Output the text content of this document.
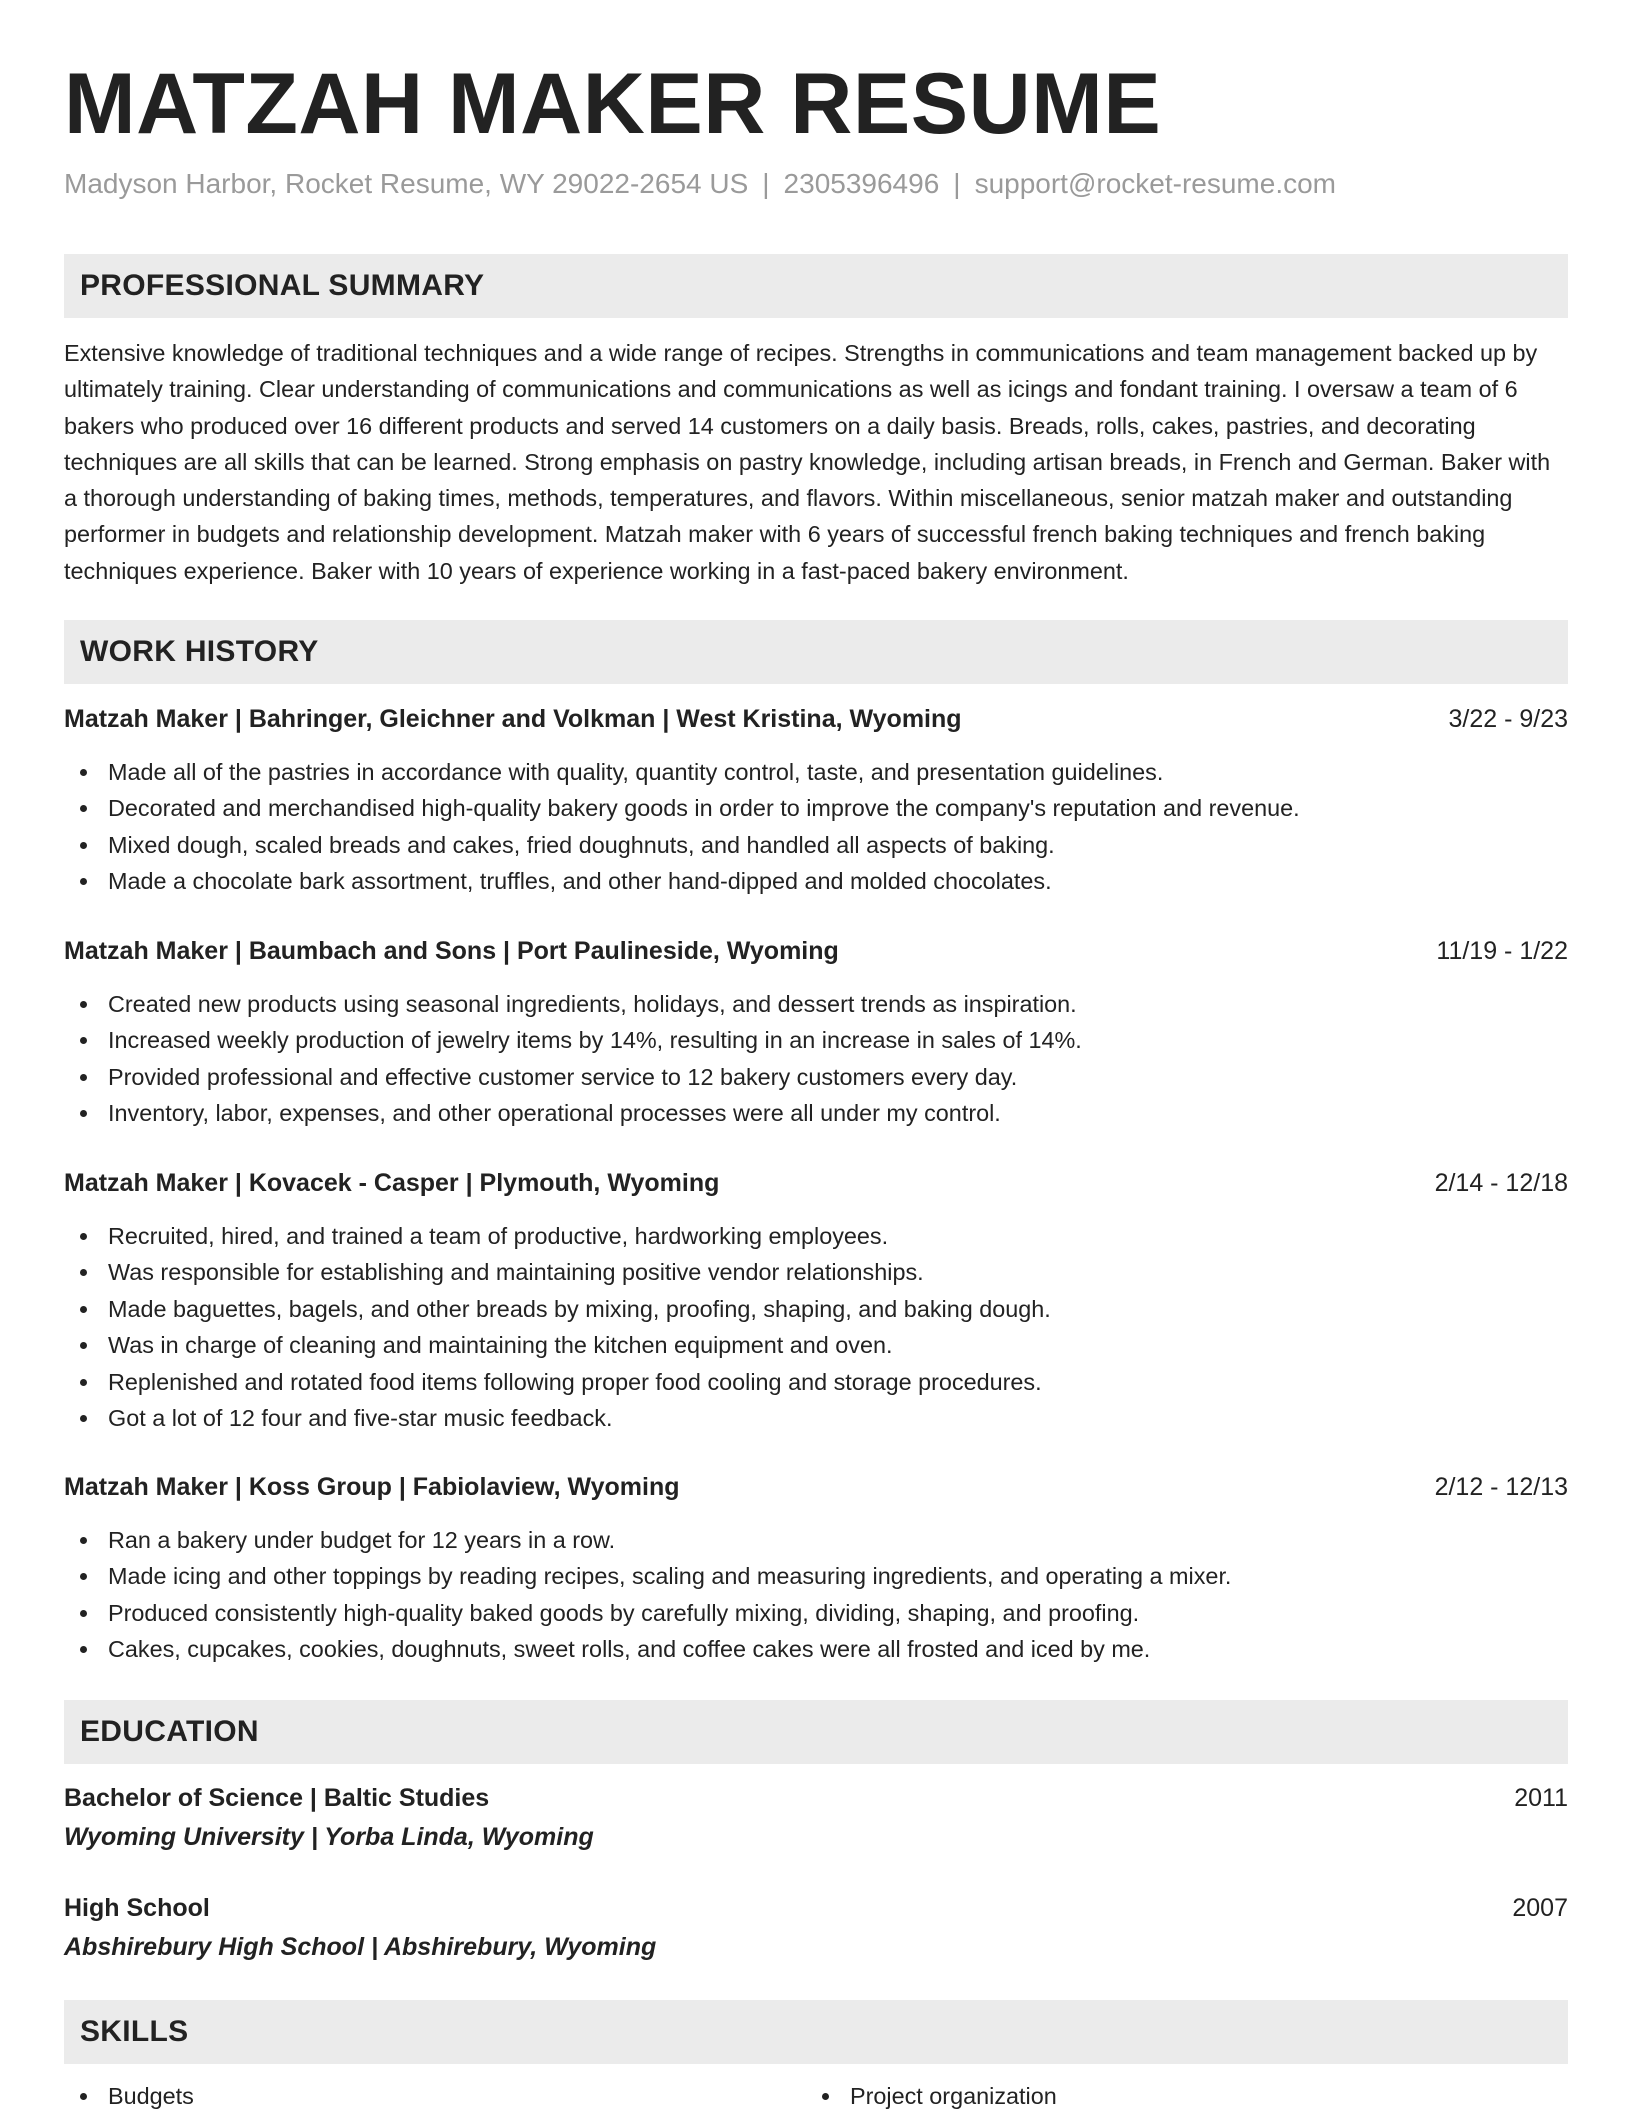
MATZAH MAKER RESUME
Madyson Harbor, Rocket Resume, WY 29022-2654 US | 2305396496 | support@rocket-resume.com
PROFESSIONAL SUMMARY

Extensive knowledge of traditional techniques and a wide range of recipes. Strengths in communications and team management backed up by ultimately training. Clear understanding of communications and communications as well as icings and fondant training. I oversaw a team of 6 bakers who produced over 16 different products and served 14 customers on a daily basis. Breads, rolls, cakes, pastries, and decorating techniques are all skills that can be learned. Strong emphasis on pastry knowledge, including artisan breads, in French and German. Baker with a thorough understanding of baking times, methods, temperatures, and flavors. Within miscellaneous, senior matzah maker and outstanding performer in budgets and relationship development. Matzah maker with 6 years of successful french baking techniques and french baking techniques experience. Baker with 10 years of experience working in a fast-paced bakery environment.

WORK HISTORY
Matzah Maker | Bahringer, Gleichner and Volkman | West Kristina, Wyoming	3/22 - 9/23
Made all of the pastries in accordance with quality, quantity control, taste, and presentation guidelines.
Decorated and merchandised high-quality bakery goods in order to improve the company's reputation and revenue.
Mixed dough, scaled breads and cakes, fried doughnuts, and handled all aspects of baking.
Made a chocolate bark assortment, truffles, and other hand-dipped and molded chocolates.
Matzah Maker | Baumbach and Sons | Port Paulineside, Wyoming	11/19 - 1/22
Created new products using seasonal ingredients, holidays, and dessert trends as inspiration.
Increased weekly production of jewelry items by 14%, resulting in an increase in sales of 14%.
Provided professional and effective customer service to 12 bakery customers every day.
Inventory, labor, expenses, and other operational processes were all under my control.
Matzah Maker | Kovacek - Casper | Plymouth, Wyoming	2/14 - 12/18
Recruited, hired, and trained a team of productive, hardworking employees.
Was responsible for establishing and maintaining positive vendor relationships.
Made baguettes, bagels, and other breads by mixing, proofing, shaping, and baking dough.
Was in charge of cleaning and maintaining the kitchen equipment and oven.
Replenished and rotated food items following proper food cooling and storage procedures.
Got a lot of 12 four and five-star music feedback.
Matzah Maker | Koss Group | Fabiolaview, Wyoming	2/12 - 12/13
Ran a bakery under budget for 12 years in a row.
Made icing and other toppings by reading recipes, scaling and measuring ingredients, and operating a mixer.
Produced consistently high-quality baked goods by carefully mixing, dividing, shaping, and proofing.
Cakes, cupcakes, cookies, doughnuts, sweet rolls, and coffee cakes were all frosted and iced by me.
EDUCATION
Bachelor of Science | Baltic Studies	2011
Wyoming University | Yorba Linda, Wyoming
High School	2007
Abshirebury High School | Abshirebury, Wyoming
SKILLS
Budgets	Project organization
